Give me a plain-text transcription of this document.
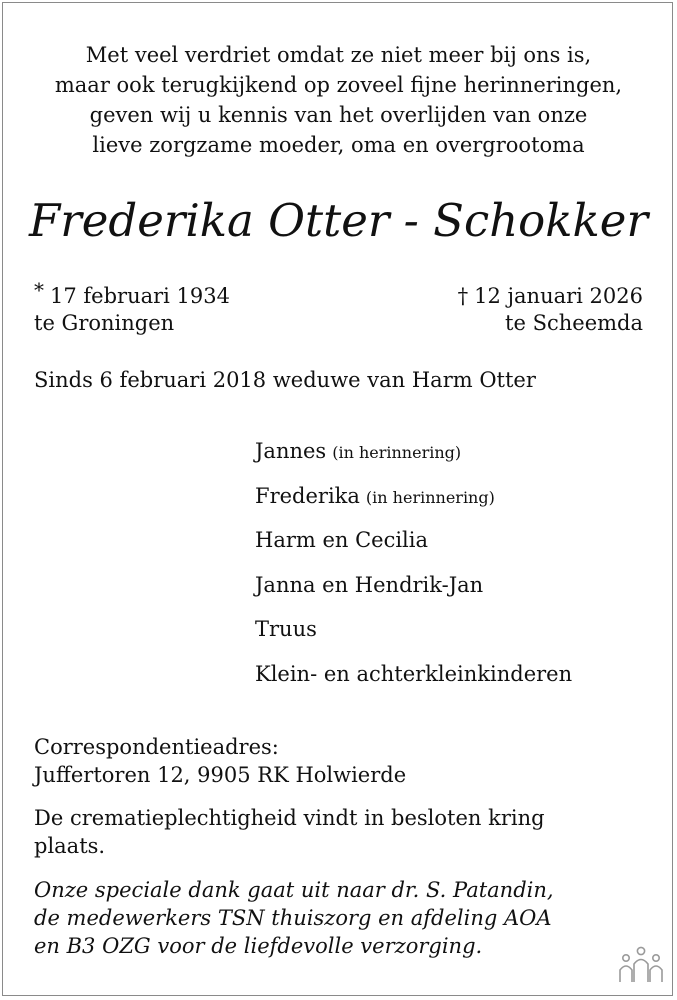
Met veel verdriet omdat ze niet meer bij ons is,
maar ook terugkijkend op zoveel fijne herinneringen,
geven wij u kennis van het overlijden van onze
lieve zorgzame moeder, oma en overgrootoma
Frederika Otter - Schokker
* 17 februari 1934	† 12 januari 2026
te Groningen	te Scheemda
Sinds 6 februari 2018 weduwe van Harm Otter
Jannes (in herinnering)
Frederika (in herinnering)
Harm en Cecilia
Janna en Hendrik-Jan
Truus
Klein- en achterkleinkinderen
Correspondentieadres:
Juffertoren 12, 9905 RK Holwierde
De crematieplechtigheid vindt in besloten kring
plaats.
Onze speciale dank gaat uit naar dr. S. Patandin,
de medewerkers TSN thuiszorg en afdeling AOA
en B3 OZG voor de liefdevolle verzorging.
